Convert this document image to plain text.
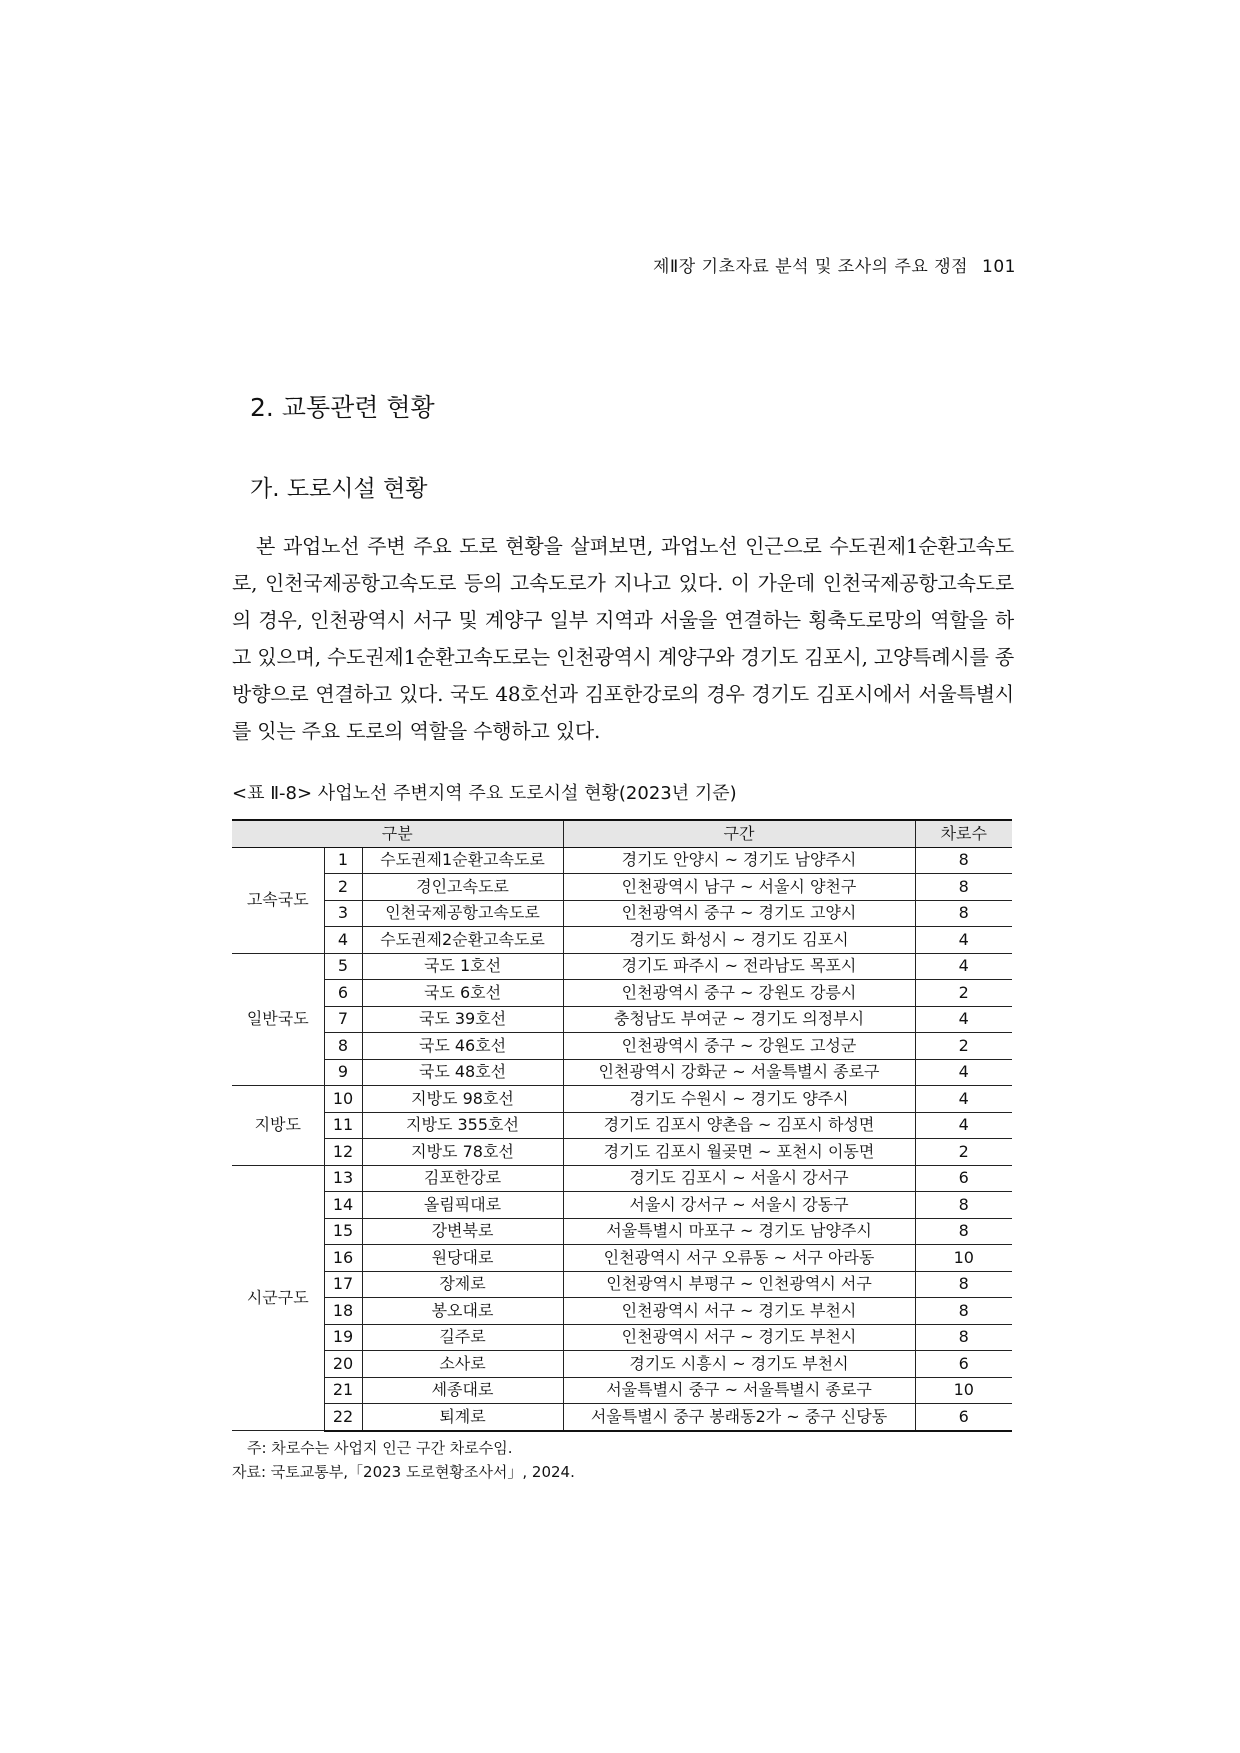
제Ⅱ장 기초자료 분석 및 조사의 주요 쟁점 101
2. 교통관련 현황
가. 도로시설 현황

본 과업노선 주변 주요 도로 현황을 살펴보면, 과업노선 인근으로 수도권제1순환고속도로, 인천국제공항고속도로 등의 고속도로가 지나고 있다. 이 가운데 인천국제공항고속도로의 경우, 인천광역시 서구 및 계양구 일부 지역과 서울을 연결하는 횡축도로망의 역할을 하고 있으며, 수도권제1순환고속도로는 인천광역시 계양구와 경기도 김포시, 고양특례시를 종방향으로 연결하고 있다. 국도 48호선과 김포한강로의 경우 경기도 김포시에서 서울특별시를 잇는 주요 도로의 역할을 수행하고 있다.

<표 Ⅱ-8> 사업노선 주변지역 주요 도로시설 현황(2023년 기준)
구분			구간	차로수
고속국도	1	수도권제1순환고속도로	경기도 안양시 ~ 경기도 남양주시	8
	2	경인고속도로	인천광역시 남구 ~ 서울시 양천구	8
	3	인천국제공항고속도로	인천광역시 중구 ~ 경기도 고양시	8
	4	수도권제2순환고속도로	경기도 화성시 ~ 경기도 김포시	4
일반국도	5	국도 1호선	경기도 파주시 ~ 전라남도 목포시	4
	6	국도 6호선	인천광역시 중구 ~ 강원도 강릉시	2
	7	국도 39호선	충청남도 부여군 ~ 경기도 의정부시	4
	8	국도 46호선	인천광역시 중구 ~ 강원도 고성군	2
	9	국도 48호선	인천광역시 강화군 ~ 서울특별시 종로구	4
지방도	10	지방도 98호선	경기도 수원시 ~ 경기도 양주시	4
	11	지방도 355호선	경기도 김포시 양촌읍 ~ 김포시 하성면	4
	12	지방도 78호선	경기도 김포시 월곶면 ~ 포천시 이동면	2
시군구도	13	김포한강로	경기도 김포시 ~ 서울시 강서구	6
	14	올림픽대로	서울시 강서구 ~ 서울시 강동구	8
	15	강변북로	서울특별시 마포구 ~ 경기도 남양주시	8
	16	원당대로	인천광역시 서구 오류동 ~ 서구 아라동	10
	17	장제로	인천광역시 부평구 ~ 인천광역시 서구	8
	18	봉오대로	인천광역시 서구 ~ 경기도 부천시	8
	19	길주로	인천광역시 서구 ~ 경기도 부천시	8
	20	소사로	경기도 시흥시 ~ 경기도 부천시	6
	21	세종대로	서울특별시 중구 ~ 서울특별시 종로구	10
	22	퇴계로	서울특별시 중구 봉래동2가 ~ 중구 신당동	6
주: 차로수는 사업지 인근 구간 차로수임.
자료: 국토교통부,「2023 도로현황조사서」, 2024.
